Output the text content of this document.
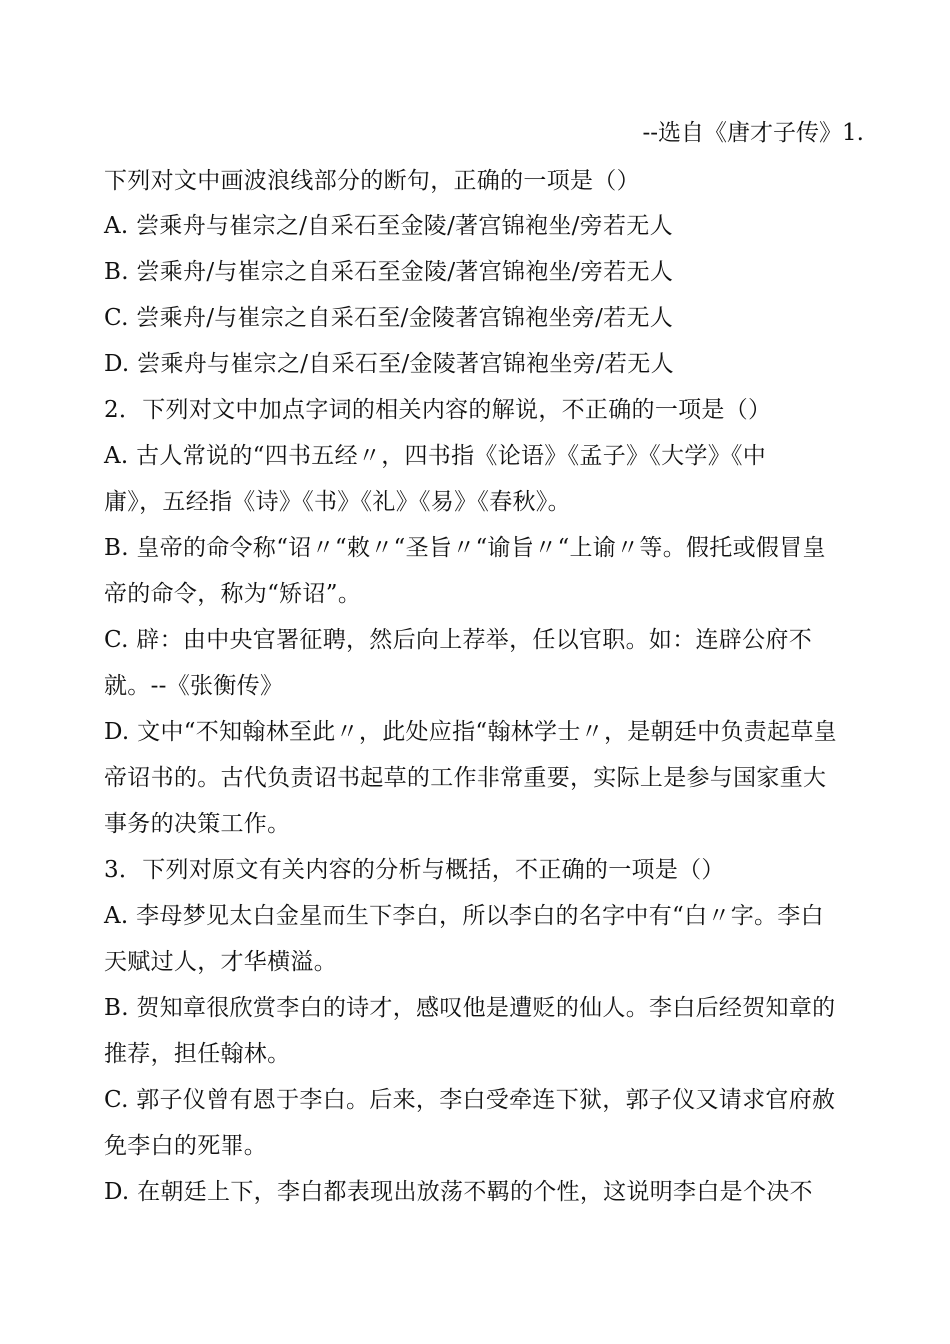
--选自《唐才子传》1.
下列对文中画波浪线部分的断句，正确的一项是（）
A. 尝乘舟与崔宗之/自采石至金陵/著宫锦袍坐/旁若无人
B. 尝乘舟/与崔宗之自采石至金陵/著宫锦袍坐/旁若无人
C. 尝乘舟/与崔宗之自采石至/金陵著宫锦袍坐旁/若无人
D. 尝乘舟与崔宗之/自采石至/金陵著宫锦袍坐旁/若无人
2．下列对文中加点字词的相关内容的解说，不正确的一项是（）
A. 古人常说的“四书五经〃，四书指《论语》《孟子》《大学》《中
庸》，五经指《诗》《书》《礼》《易》《春秋》。
B. 皇帝的命令称“诏〃“敕〃“圣旨〃“谕旨〃“上谕〃等。假托或假冒皇
帝的命令，称为“矫诏”。
C. 辟：由中央官署征聘，然后向上荐举，任以官职。如：连辟公府不
就。--《张衡传》
D. 文中“不知翰林至此〃，此处应指“翰林学士〃，是朝廷中负责起草皇
帝诏书的。古代负责诏书起草的工作非常重要，实际上是参与国家重大
事务的决策工作。
3．下列对原文有关内容的分析与概括，不正确的一项是（）
A. 李母梦见太白金星而生下李白，所以李白的名字中有“白〃字。李白
天赋过人，才华横溢。
B. 贺知章很欣赏李白的诗才，感叹他是遭贬的仙人。李白后经贺知章的
推荐，担任翰林。
C. 郭子仪曾有恩于李白。后来，李白受牵连下狱，郭子仪又请求官府赦
免李白的死罪。
D. 在朝廷上下，李白都表现出放荡不羁的个性，这说明李白是个决不
